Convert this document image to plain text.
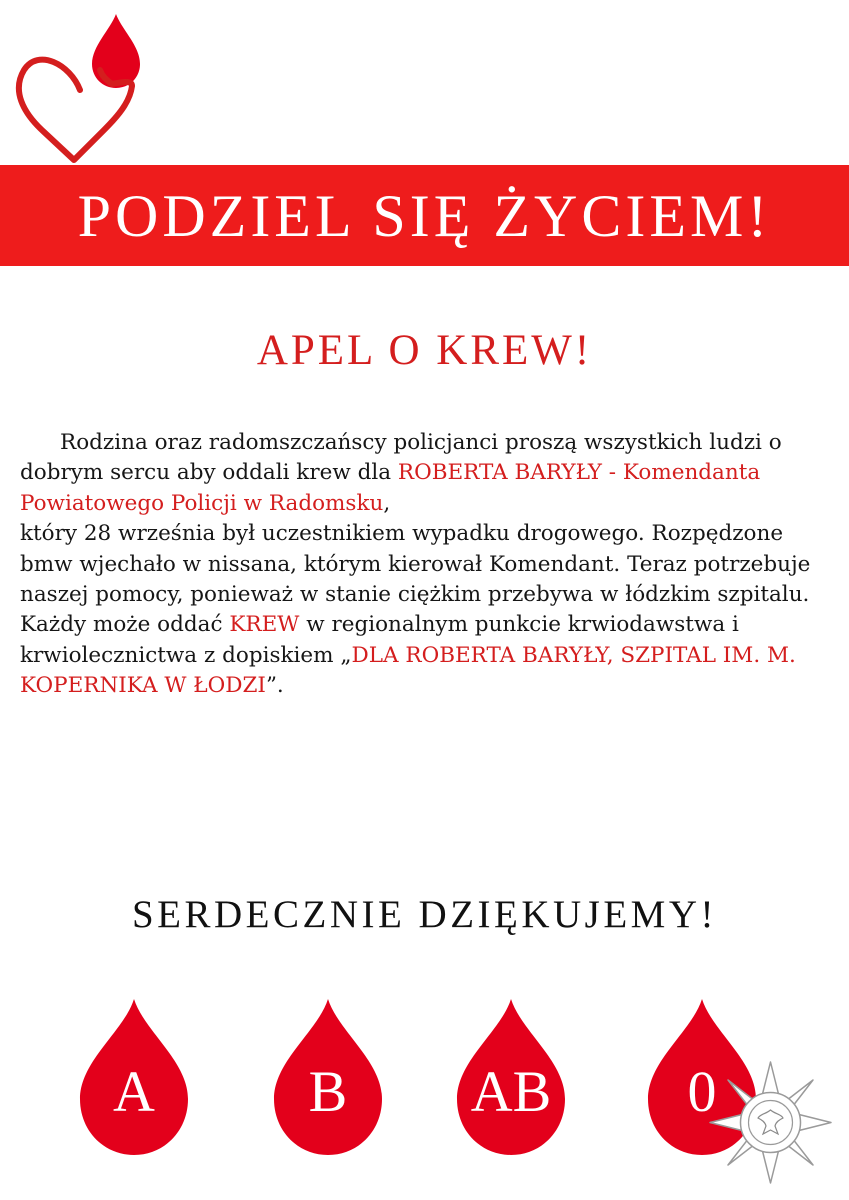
PODZIEL SIĘ ŻYCIEM!
APEL O KREW!

Rodzina oraz radomszczańscy policjanci proszą wszystkich ludzi o dobrym sercu aby oddali krew dla ROBERTA BARYŁY - Komendanta Powiatowego Policji w Radomsku,

który 28 września był uczestnikiem wypadku drogowego. Rozpędzone bmw wjechało w nissana, którym kierował Komendant. Teraz potrzebuje naszej pomocy, ponieważ w stanie ciężkim przebywa w łódzkim szpitalu.

Każdy może oddać KREW w regionalnym punkcie krwiodawstwa i krwiolecznictwa z dopiskiem „DLA ROBERTA BARYŁY, SZPITAL IM. M. KOPERNIKA W ŁODZI”.

SERDECZNIE DZIĘKUJEMY!
A	B	AB	0
